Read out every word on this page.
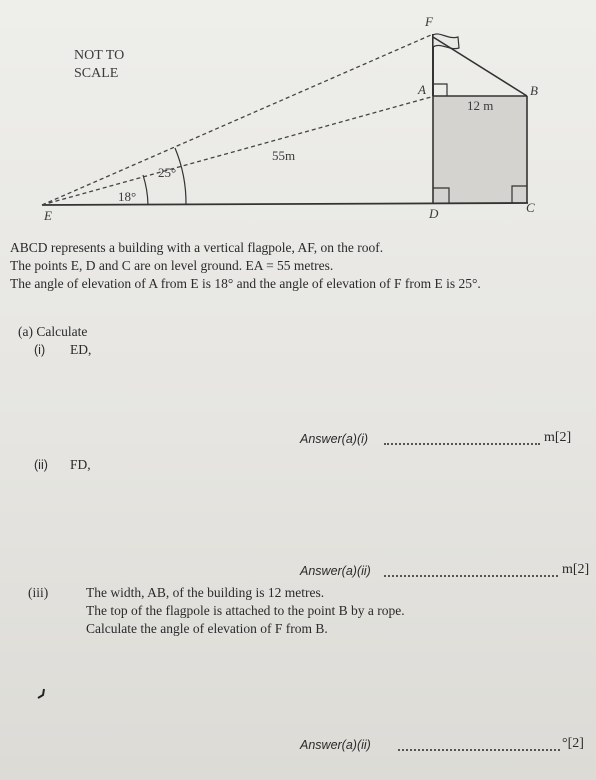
NOT TO
SCALE
E	D	C
B
A
F
55m
12 m
18°
25°
ABCD represents a building with a vertical flagpole, AF, on the roof.
The points E, D and C are on level ground. EA = 55 metres.
The angle of elevation of A from E is 18° and the angle of elevation of F from E is 25°.
(a) Calculate
(i) ED,
Answer(a)(i)	m[2]
(ii) FD,
Answer(a)(ii)	m[2]
(iii)	The width, AB, of the building is 12 metres.
The top of the flagpole is attached to the point B by a rope.
Calculate the angle of elevation of F from B.
Answer(a)(ii)	°[2]
